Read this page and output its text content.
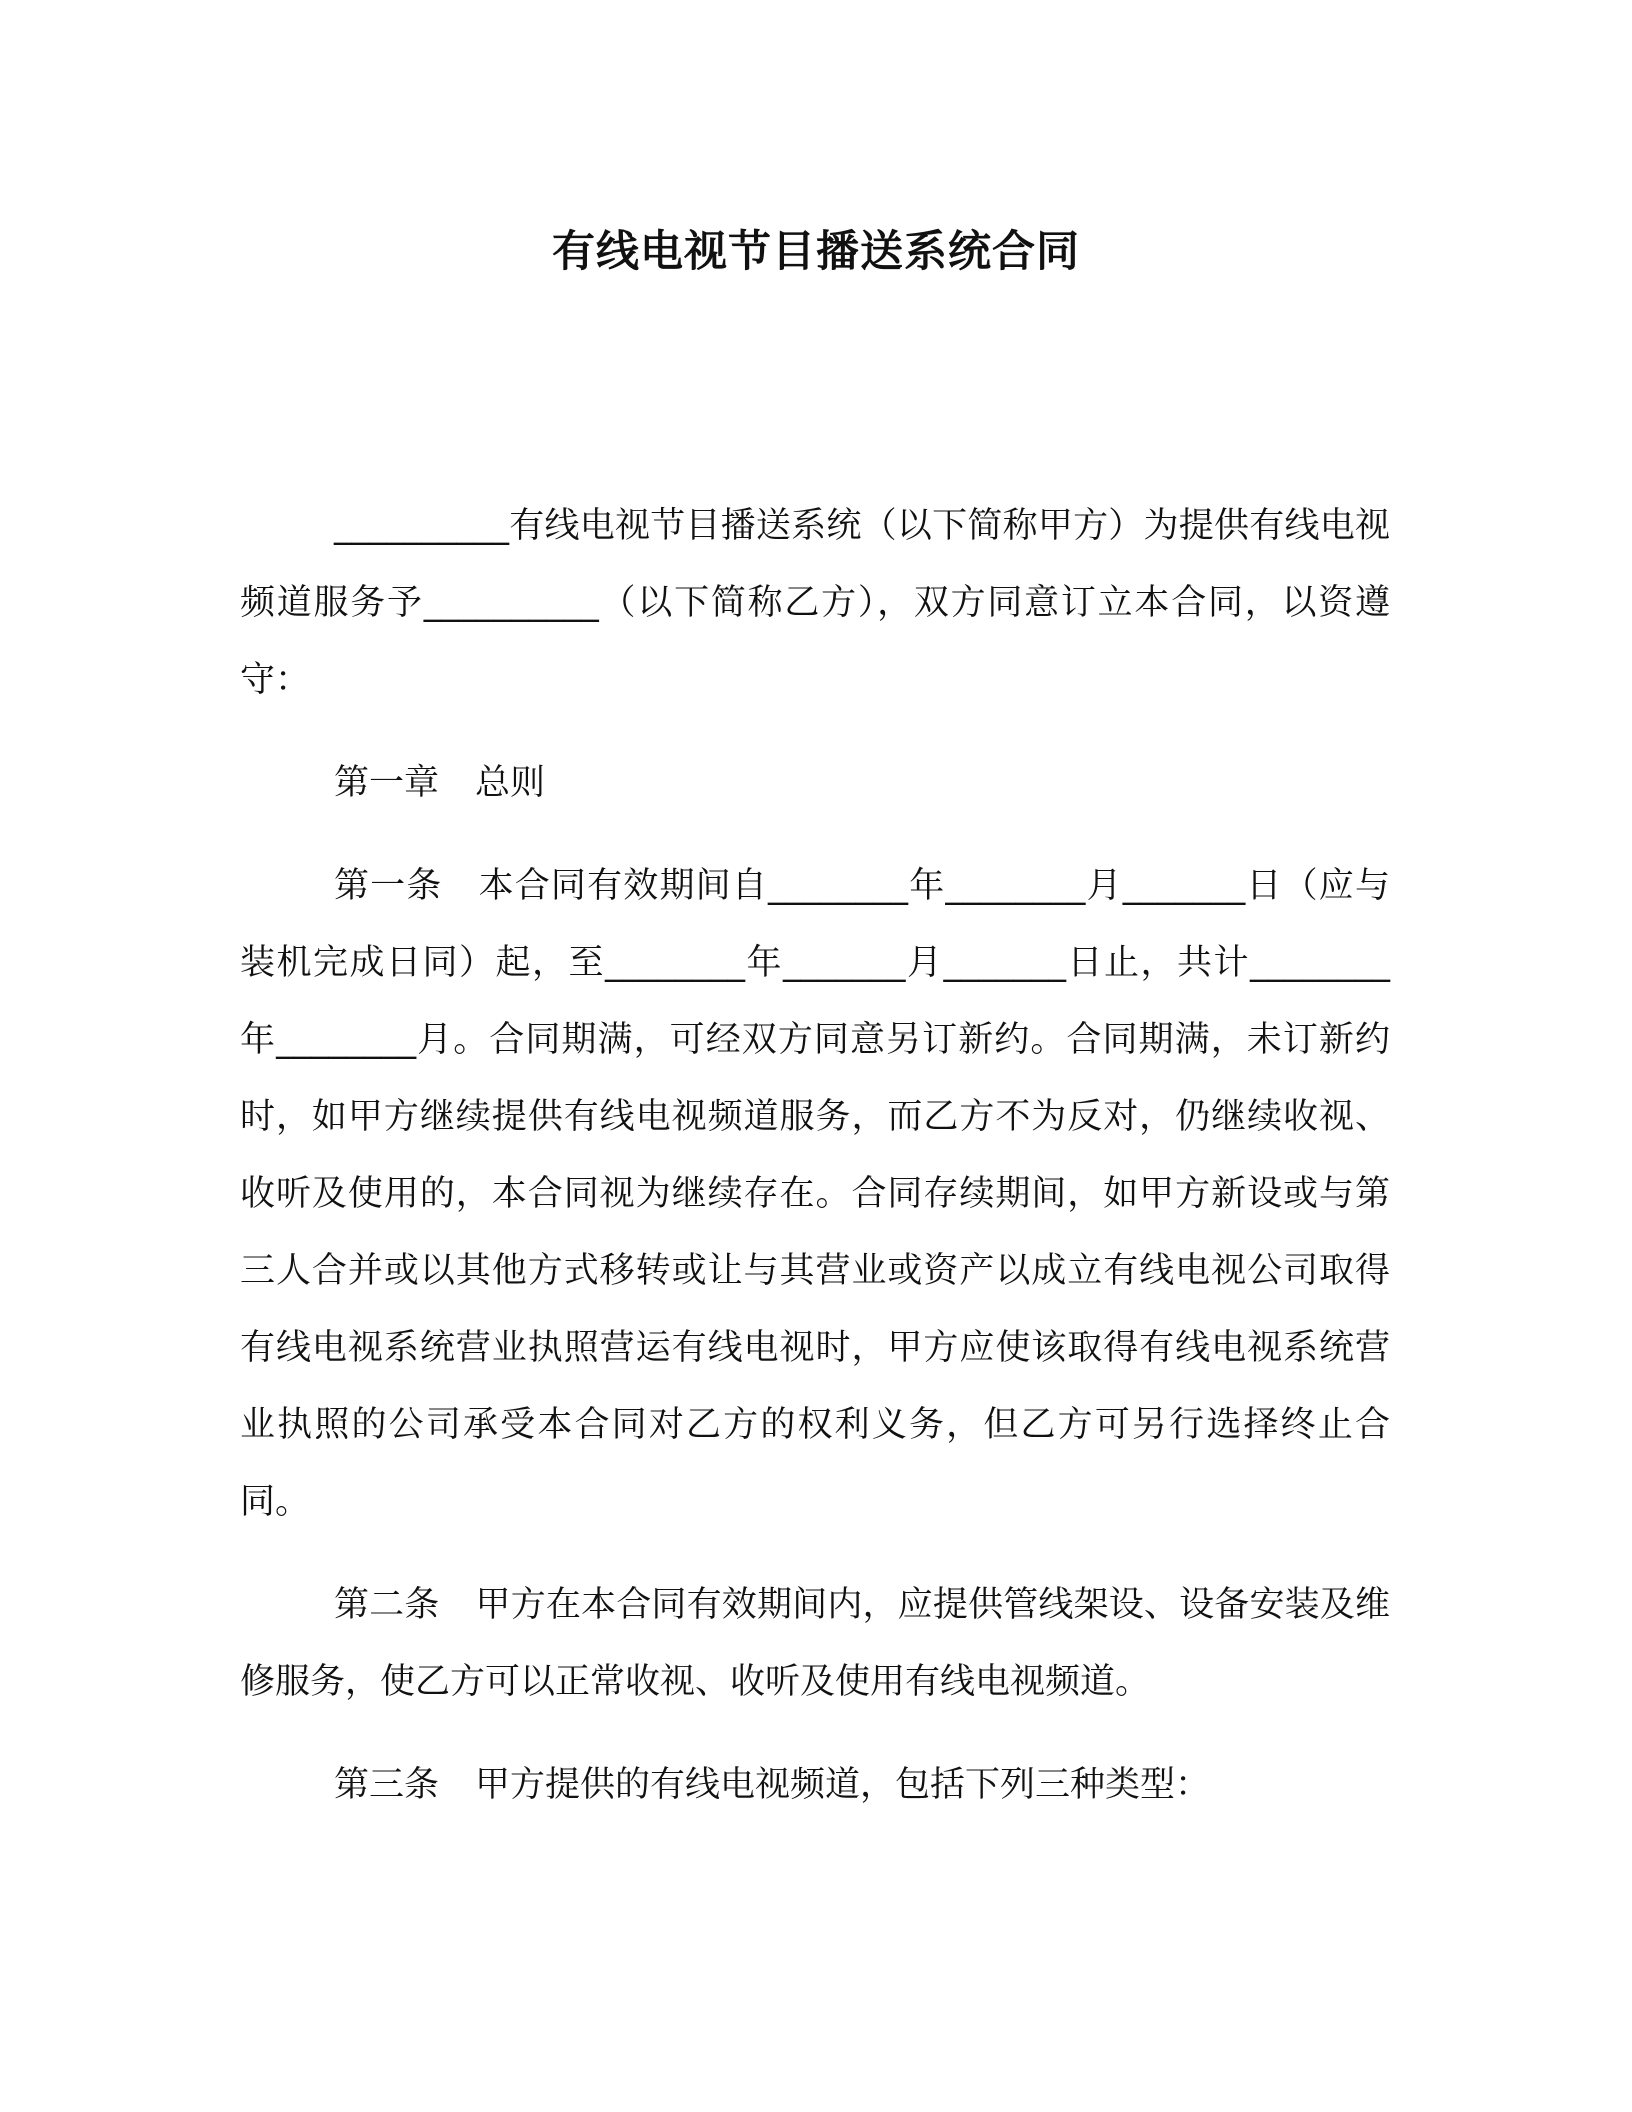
有线电视节目播送系统合同

__________有线电视节目播送系统（以下简称甲方）为提供有线电视频道服务予__________（以下简称乙方），双方同意订立本合同，以资遵守：

第一章 总则

第一条 本合同有效期间自________年________月_______日（应与装机完成日同）起，至________年_______月_______日止，共计________年________月。合同期满，可经双方同意另订新约。合同期满，未订新约时，如甲方继续提供有线电视频道服务，而乙方不为反对，仍继续收视、收听及使用的，本合同视为继续存在。合同存续期间，如甲方新设或与第三人合并或以其他方式移转或让与其营业或资产以成立有线电视公司取得有线电视系统营业执照营运有线电视时，甲方应使该取得有线电视系统营业执照的公司承受本合同对乙方的权利义务，但乙方可另行选择终止合同。

第二条 甲方在本合同有效期间内，应提供管线架设、设备安装及维修服务，使乙方可以正常收视、收听及使用有线电视频道。

第三条 甲方提供的有线电视频道，包括下列三种类型：
